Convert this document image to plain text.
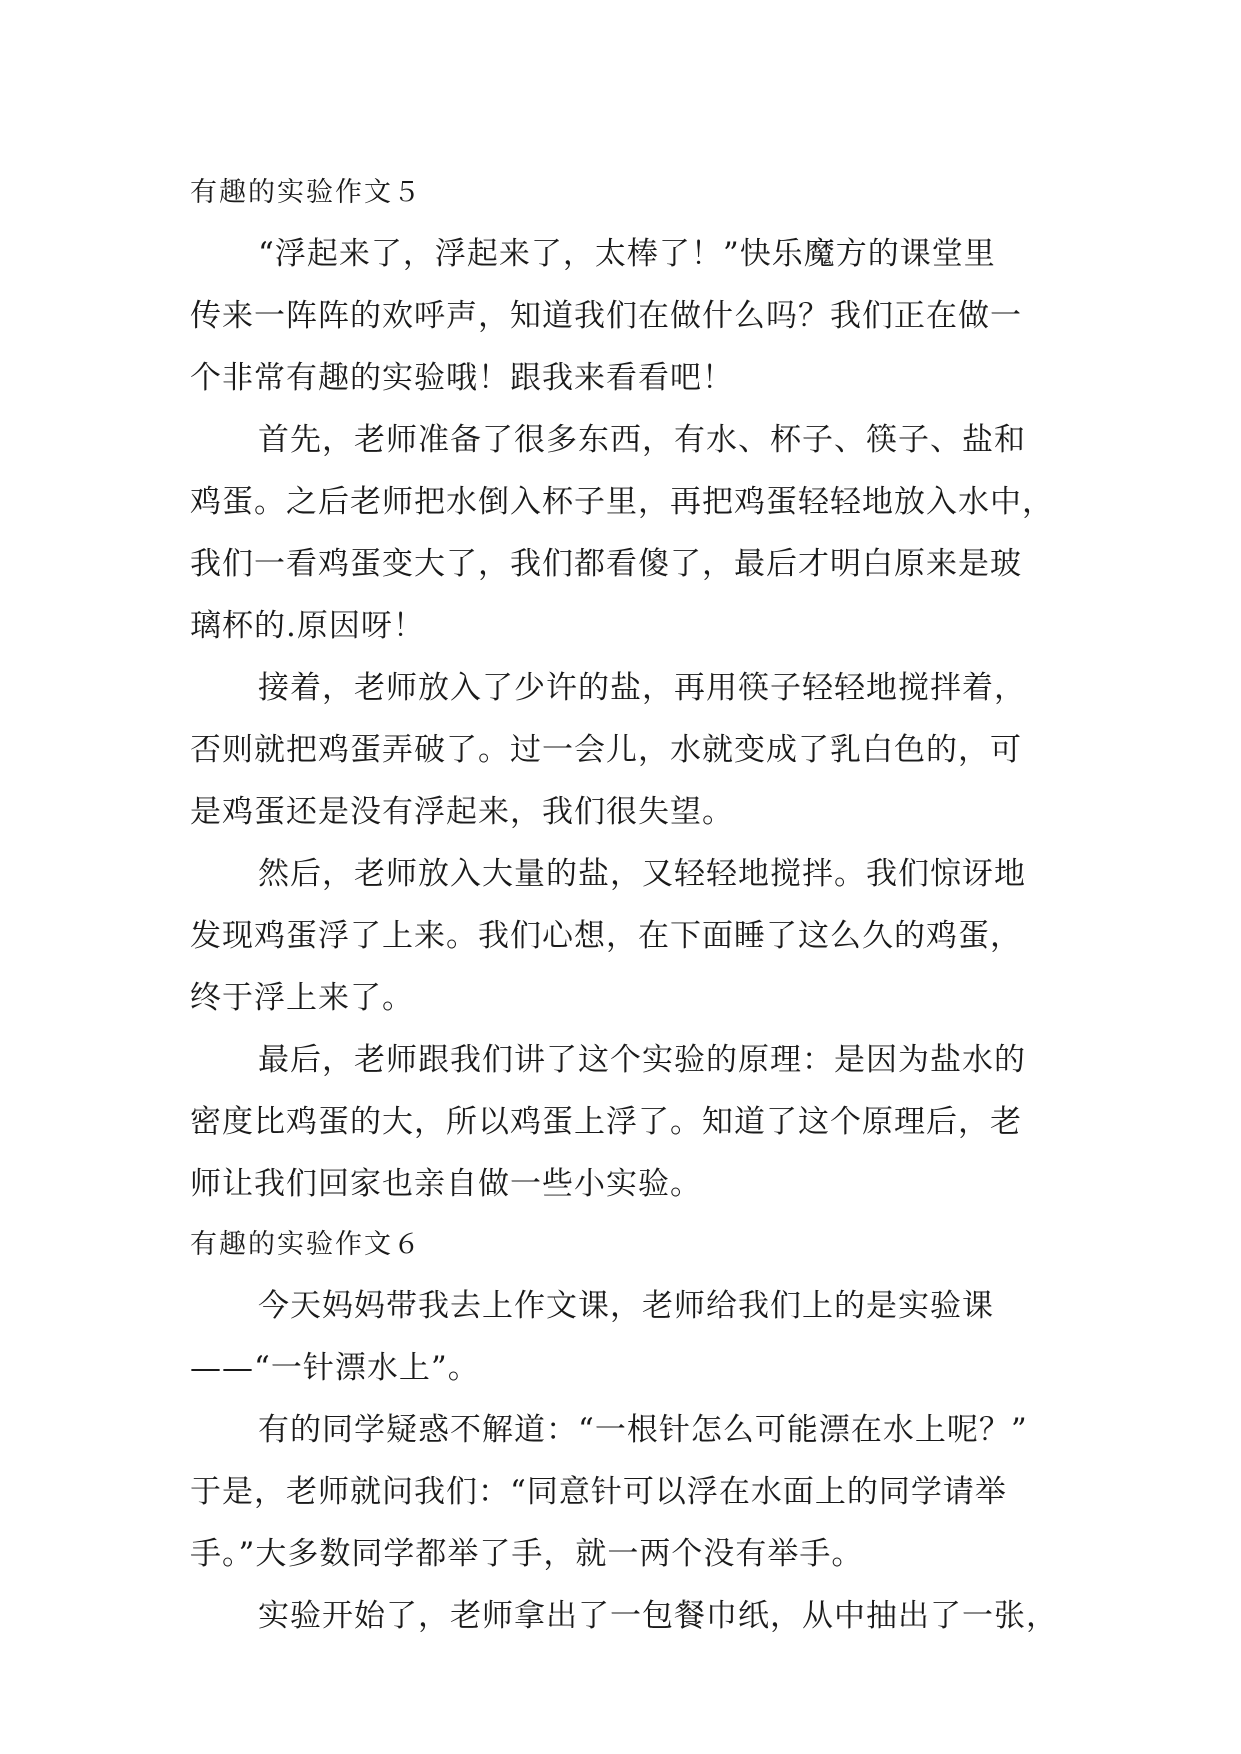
有趣的实验作文５

“浮起来了，浮起来了，太棒了！”快乐魔方的课堂里
传来一阵阵的欢呼声，知道我们在做什么吗？我们正在做一
个非常有趣的实验哦！跟我来看看吧！

首先，老师准备了很多东西，有水、杯子、筷子、盐和
鸡蛋。之后老师把水倒入杯子里，再把鸡蛋轻轻地放入水中，
我们一看鸡蛋变大了，我们都看傻了，最后才明白原来是玻
璃杯的.原因呀！

接着，老师放入了少许的盐，再用筷子轻轻地搅拌着，
否则就把鸡蛋弄破了。过一会儿，水就变成了乳白色的，可
是鸡蛋还是没有浮起来，我们很失望。

然后，老师放入大量的盐，又轻轻地搅拌。我们惊讶地
发现鸡蛋浮了上来。我们心想，在下面睡了这么久的鸡蛋，
终于浮上来了。

最后，老师跟我们讲了这个实验的原理：是因为盐水的
密度比鸡蛋的大，所以鸡蛋上浮了。知道了这个原理后，老
师让我们回家也亲自做一些小实验。

有趣的实验作文６

今天妈妈带我去上作文课，老师给我们上的是实验课
——“一针漂水上”。

有的同学疑惑不解道：“一根针怎么可能漂在水上呢？”
于是，老师就问我们：“同意针可以浮在水面上的同学请举
手。”大多数同学都举了手，就一两个没有举手。

实验开始了，老师拿出了一包餐巾纸，从中抽出了一张，
